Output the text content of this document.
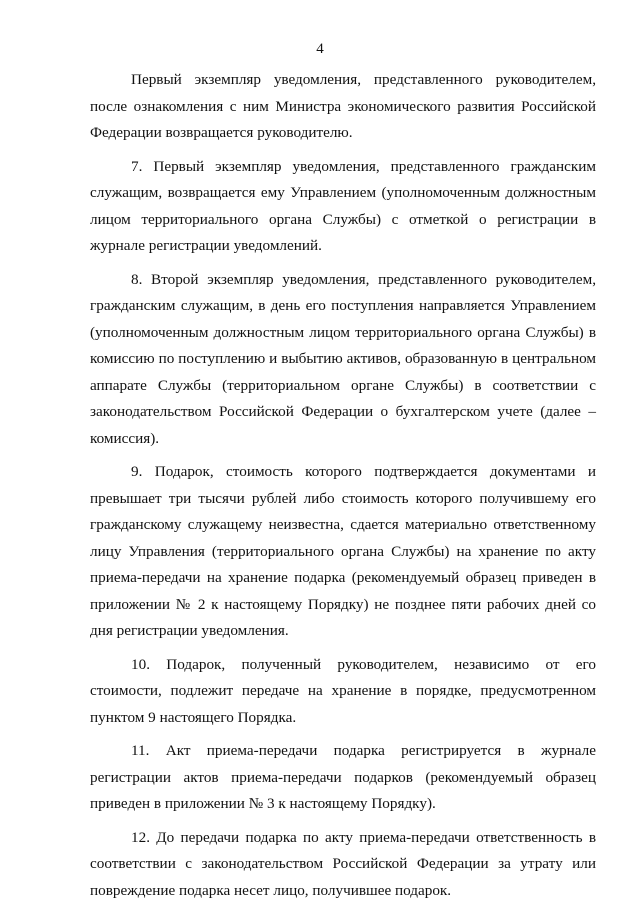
4

Первый экземпляр уведомления, представленного руководителем, после ознакомления с ним Министра экономического развития Российской Федерации возвращается руководителю.

7. Первый экземпляр уведомления, представленного гражданским служащим, возвращается ему Управлением (уполномоченным должностным лицом территориального органа Службы) с отметкой о регистрации в журнале регистрации уведомлений.

8. Второй экземпляр уведомления, представленного руководителем, гражданским служащим, в день его поступления направляется Управлением (уполномоченным должностным лицом территориального органа Службы) в комиссию по поступлению и выбытию активов, образованную в центральном аппарате Службы (территориальном органе Службы) в соответствии с законодательством Российской Федерации о бухгалтерском учете (далее – комиссия).

9. Подарок, стоимость которого подтверждается документами и превышает три тысячи рублей либо стоимость которого получившему его гражданскому служащему неизвестна, сдается материально ответственному лицу Управления (территориального органа Службы) на хранение по акту приема-передачи на хранение подарка (рекомендуемый образец приведен в приложении № 2 к настоящему Порядку) не позднее пяти рабочих дней со дня регистрации уведомления.

10. Подарок, полученный руководителем, независимо от его стоимости, подлежит передаче на хранение в порядке, предусмотренном пунктом 9 настоящего Порядка.

11. Акт приема-передачи подарка регистрируется в журнале регистрации актов приема-передачи подарков (рекомендуемый образец приведен в приложении № 3 к настоящему Порядку).

12. До передачи подарка по акту приема-передачи ответственность в соответствии с законодательством Российской Федерации за утрату или повреждение подарка несет лицо, получившее подарок.
